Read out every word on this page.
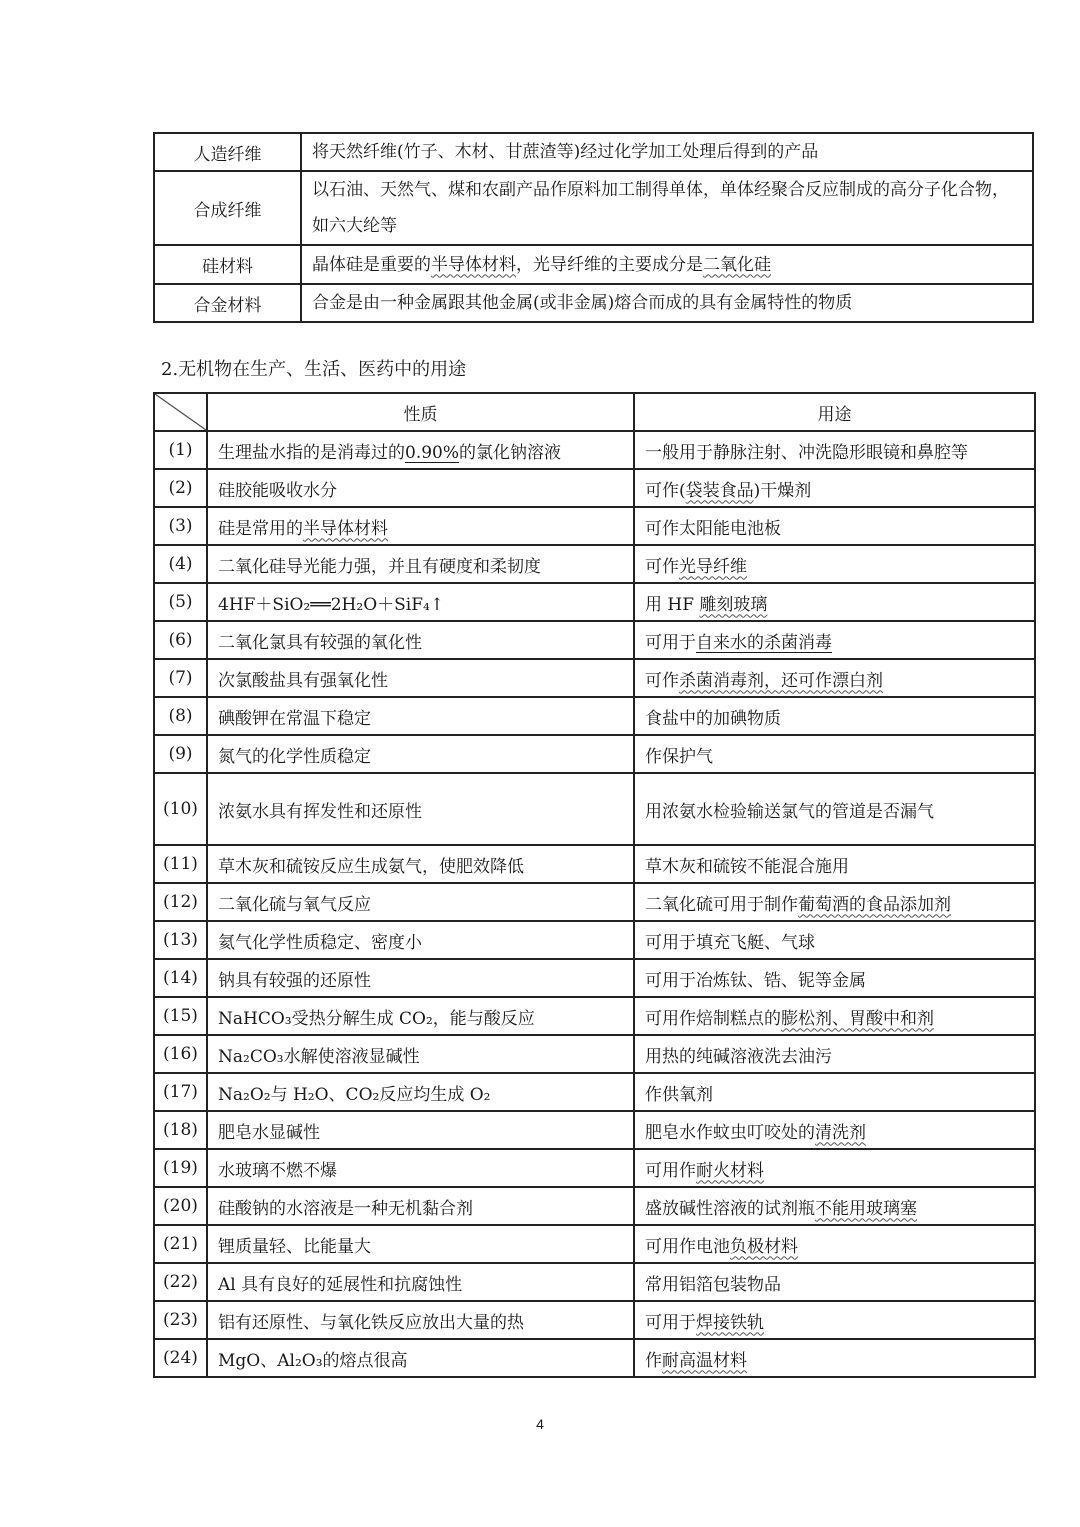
人造纤维	将天然纤维(竹子、木材、甘蔗渣等)经过化学加工处理后得到的产品
合成纤维	以石油、天然气、煤和农副产品作原料加工制得单体，单体经聚合反应制成的高分子化合物，如六大纶等
硅材料	晶体硅是重要的半导体材料，光导纤维的主要成分是二氧化硅
合金材料	合金是由一种金属跟其他金属(或非金属)熔合而成的具有金属特性的物质
2.无机物在生产、生活、医药中的用途
	性质	用途
(1)	生理盐水指的是消毒过的0.90%的氯化钠溶液	一般用于静脉注射、冲洗隐形眼镜和鼻腔等
(2)	硅胶能吸收水分	可作(袋装食品)干燥剂
(3)	硅是常用的半导体材料	可作太阳能电池板
(4)	二氧化硅导光能力强，并且有硬度和柔韧度	可作光导纤维
(5)	4HF＋SiO₂══2H₂O＋SiF₄↑	用 HF 雕刻玻璃
(6)	二氧化氯具有较强的氧化性	可用于自来水的杀菌消毒
(7)	次氯酸盐具有强氧化性	可作杀菌消毒剂，还可作漂白剂
(8)	碘酸钾在常温下稳定	食盐中的加碘物质
(9)	氮气的化学性质稳定	作保护气
(10)	浓氨水具有挥发性和还原性	用浓氨水检验输送氯气的管道是否漏气
(11)	草木灰和硫铵反应生成氨气，使肥效降低	草木灰和硫铵不能混合施用
(12)	二氧化硫与氧气反应	二氧化硫可用于制作葡萄酒的食品添加剂
(13)	氦气化学性质稳定、密度小	可用于填充飞艇、气球
(14)	钠具有较强的还原性	可用于冶炼钛、锆、铌等金属
(15)	NaHCO₃受热分解生成 CO₂，能与酸反应	可用作焙制糕点的膨松剂、胃酸中和剂
(16)	Na₂CO₃水解使溶液显碱性	用热的纯碱溶液洗去油污
(17)	Na₂O₂与 H₂O、CO₂反应均生成 O₂	作供氧剂
(18)	肥皂水显碱性	肥皂水作蚊虫叮咬处的清洗剂
(19)	水玻璃不燃不爆	可用作耐火材料
(20)	硅酸钠的水溶液是一种无机黏合剂	盛放碱性溶液的试剂瓶不能用玻璃塞
(21)	锂质量轻、比能量大	可用作电池负极材料
(22)	Al 具有良好的延展性和抗腐蚀性	常用铝箔包装物品
(23)	铝有还原性、与氧化铁反应放出大量的热	可用于焊接铁轨
(24)	MgO、Al₂O₃的熔点很高	作耐高温材料
4
